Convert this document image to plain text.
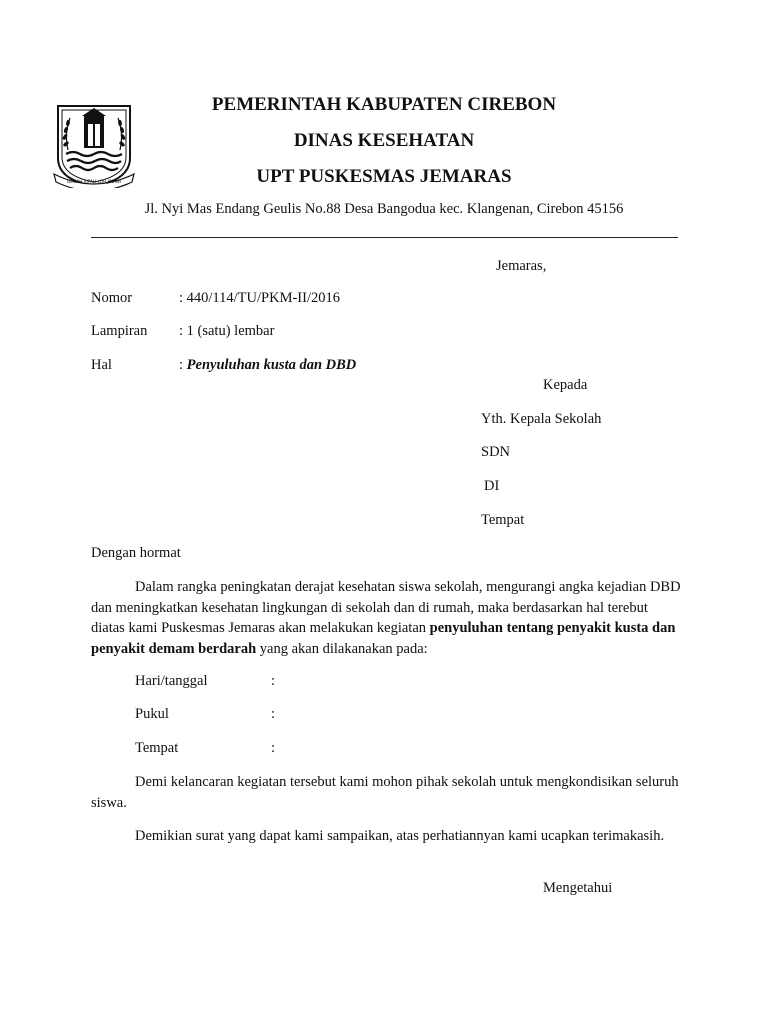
GEMAH RIPAH LOH JINAWI
PEMERINTAH KABUPATEN CIREBON
DINAS KESEHATAN
UPT PUSKESMAS JEMARAS
Jl. Nyi Mas Endang Geulis No.88 Desa Bangodua kec. Klangenan, Cirebon 45156
Jemaras,
Nomor	: 440/114/TU/PKM-II/2016
Lampiran : 1 (satu) lembar
Hal	: Penyuluhan kusta dan DBD
Kepada
Yth. Kepala Sekolah
SDN
DI
Tempat
Dengan hormat
Dalam rangka peningkatan derajat kesehatan siswa sekolah, mengurangi angka kejadian DBD dan meningkatkan kesehatan lingkungan di sekolah dan di rumah, maka berdasarkan hal terebut diatas kami Puskesmas Jemaras akan melakukan kegiatan penyuluhan tentang penyakit kusta dan penyakit demam berdarah yang akan dilakanakan pada:
Hari/tanggal	:
Pukul	:
Tempat	:
Demi kelancaran kegiatan tersebut kami mohon pihak sekolah untuk mengkondisikan seluruh siswa.
Demikian surat yang dapat kami sampaikan, atas perhatiannyan kami ucapkan terimakasih.
Mengetahui
